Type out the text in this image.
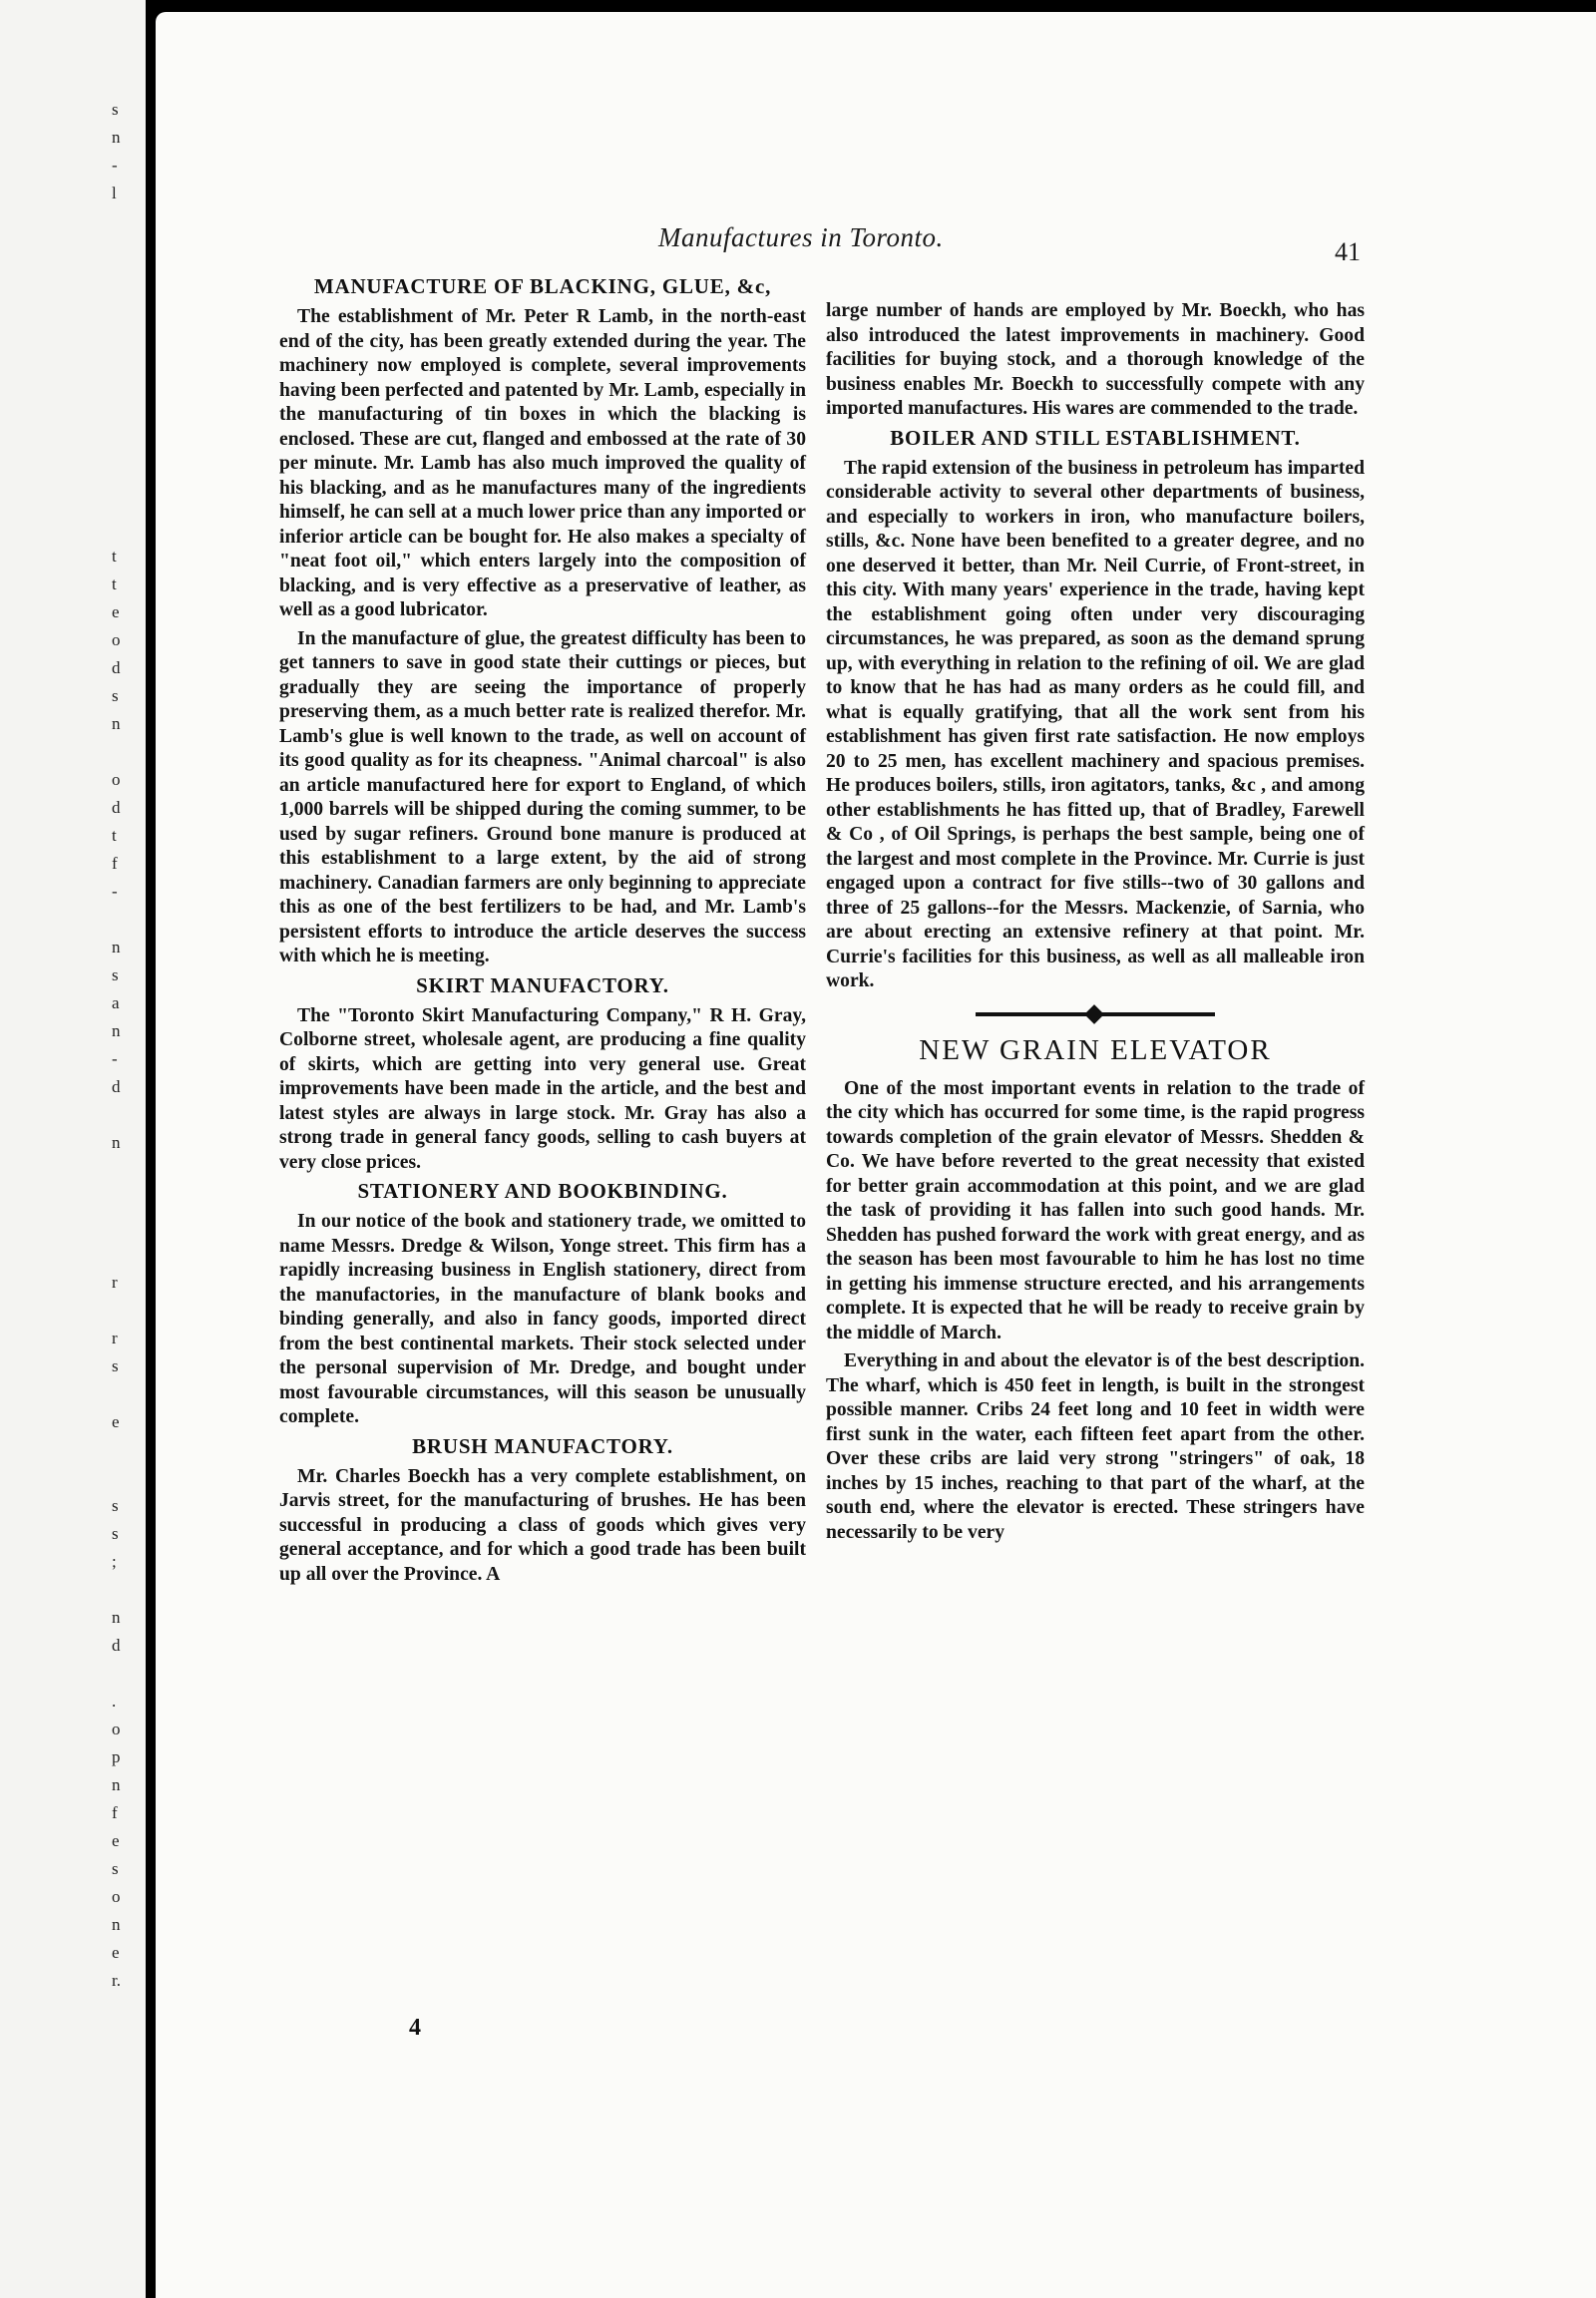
s
n
-
l
t
t
e
o
d
s
n
o
d
t
f
-
n
s
a
n
-
d
n
r
r
s
e
s
s
;
n
d
.
o
p
n
f
e
s
o
n
e
r.
Manufactures in Toronto.	41
MANUFACTURE OF BLACKING, GLUE, &c,
The establishment of Mr. Peter R Lamb, in the north-east end of the city, has been greatly extended during the year. The machinery now employed is complete, several improvements having been perfected and patented by Mr. Lamb, especially in the manufacturing of tin boxes in which the blacking is enclosed. These are cut, flanged and embossed at the rate of 30 per minute. Mr. Lamb has also much improved the quality of his blacking, and as he manufactures many of the ingredients himself, he can sell at a much lower price than any imported or inferior article can be bought for. He also makes a specialty of "neat foot oil," which enters largely into the composition of blacking, and is very effective as a preservative of leather, as well as a good lubricator.
In the manufacture of glue, the greatest difficulty has been to get tanners to save in good state their cuttings or pieces, but gradually they are seeing the importance of properly preserving them, as a much better rate is realized therefor. Mr. Lamb's glue is well known to the trade, as well on account of its good quality as for its cheapness. "Animal charcoal" is also an article manufactured here for export to England, of which 1,000 barrels will be shipped during the coming summer, to be used by sugar refiners. Ground bone manure is produced at this establishment to a large extent, by the aid of strong machinery. Canadian farmers are only beginning to appreciate this as one of the best fertilizers to be had, and Mr. Lamb's persistent efforts to introduce the article deserves the success with which he is meeting.
SKIRT MANUFACTORY.
The "Toronto Skirt Manufacturing Company," R H. Gray, Colborne street, wholesale agent, are producing a fine quality of skirts, which are getting into very general use. Great improvements have been made in the article, and the best and latest styles are always in large stock. Mr. Gray has also a strong trade in general fancy goods, selling to cash buyers at very close prices.
STATIONERY AND BOOKBINDING.
In our notice of the book and stationery trade, we omitted to name Messrs. Dredge & Wilson, Yonge street. This firm has a rapidly increasing business in English stationery, direct from the manufactories, in the manufacture of blank books and binding generally, and also in fancy goods, imported direct from the best continental markets. Their stock selected under the personal supervision of Mr. Dredge, and bought under most favourable circumstances, will this season be unusually complete.
BRUSH MANUFACTORY.
Mr. Charles Boeckh has a very complete establishment, on Jarvis street, for the manufacturing of brushes. He has been successful in producing a class of goods which gives very general acceptance, and for which a good trade has been built up all over the Province. A
large number of hands are employed by Mr. Boeckh, who has also introduced the latest improvements in machinery. Good facilities for buying stock, and a thorough knowledge of the business enables Mr. Boeckh to successfully compete with any imported manufactures. His wares are commended to the trade.
BOILER AND STILL ESTABLISHMENT.
The rapid extension of the business in petroleum has imparted considerable activity to several other departments of business, and especially to workers in iron, who manufacture boilers, stills, &c. None have been benefited to a greater degree, and no one deserved it better, than Mr. Neil Currie, of Front-street, in this city. With many years' experience in the trade, having kept the establishment going often under very discouraging circumstances, he was prepared, as soon as the demand sprung up, with everything in relation to the refining of oil. We are glad to know that he has had as many orders as he could fill, and what is equally gratifying, that all the work sent from his establishment has given first rate satisfaction. He now employs 20 to 25 men, has excellent machinery and spacious premises. He produces boilers, stills, iron agitators, tanks, &c , and among other establishments he has fitted up, that of Bradley, Farewell & Co , of Oil Springs, is perhaps the best sample, being one of the largest and most complete in the Province. Mr. Currie is just engaged upon a contract for five stills--two of 30 gallons and three of 25 gallons--for the Messrs. Mackenzie, of Sarnia, who are about erecting an extensive refinery at that point. Mr. Currie's facilities for this business, as well as all malleable iron work.
NEW GRAIN ELEVATOR
One of the most important events in relation to the trade of the city which has occurred for some time, is the rapid progress towards completion of the grain elevator of Messrs. Shedden & Co. We have before reverted to the great necessity that existed for better grain accommodation at this point, and we are glad the task of providing it has fallen into such good hands. Mr. Shedden has pushed forward the work with great energy, and as the season has been most favourable to him he has lost no time in getting his immense structure erected, and his arrangements complete. It is expected that he will be ready to receive grain by the middle of March.
Everything in and about the elevator is of the best description. The wharf, which is 450 feet in length, is built in the strongest possible manner. Cribs 24 feet long and 10 feet in width were first sunk in the water, each fifteen feet apart from the other. Over these cribs are laid very strong "stringers" of oak, 18 inches by 15 inches, reaching to that part of the wharf, at the south end, where the elevator is erected. These stringers have necessarily to be very
4
